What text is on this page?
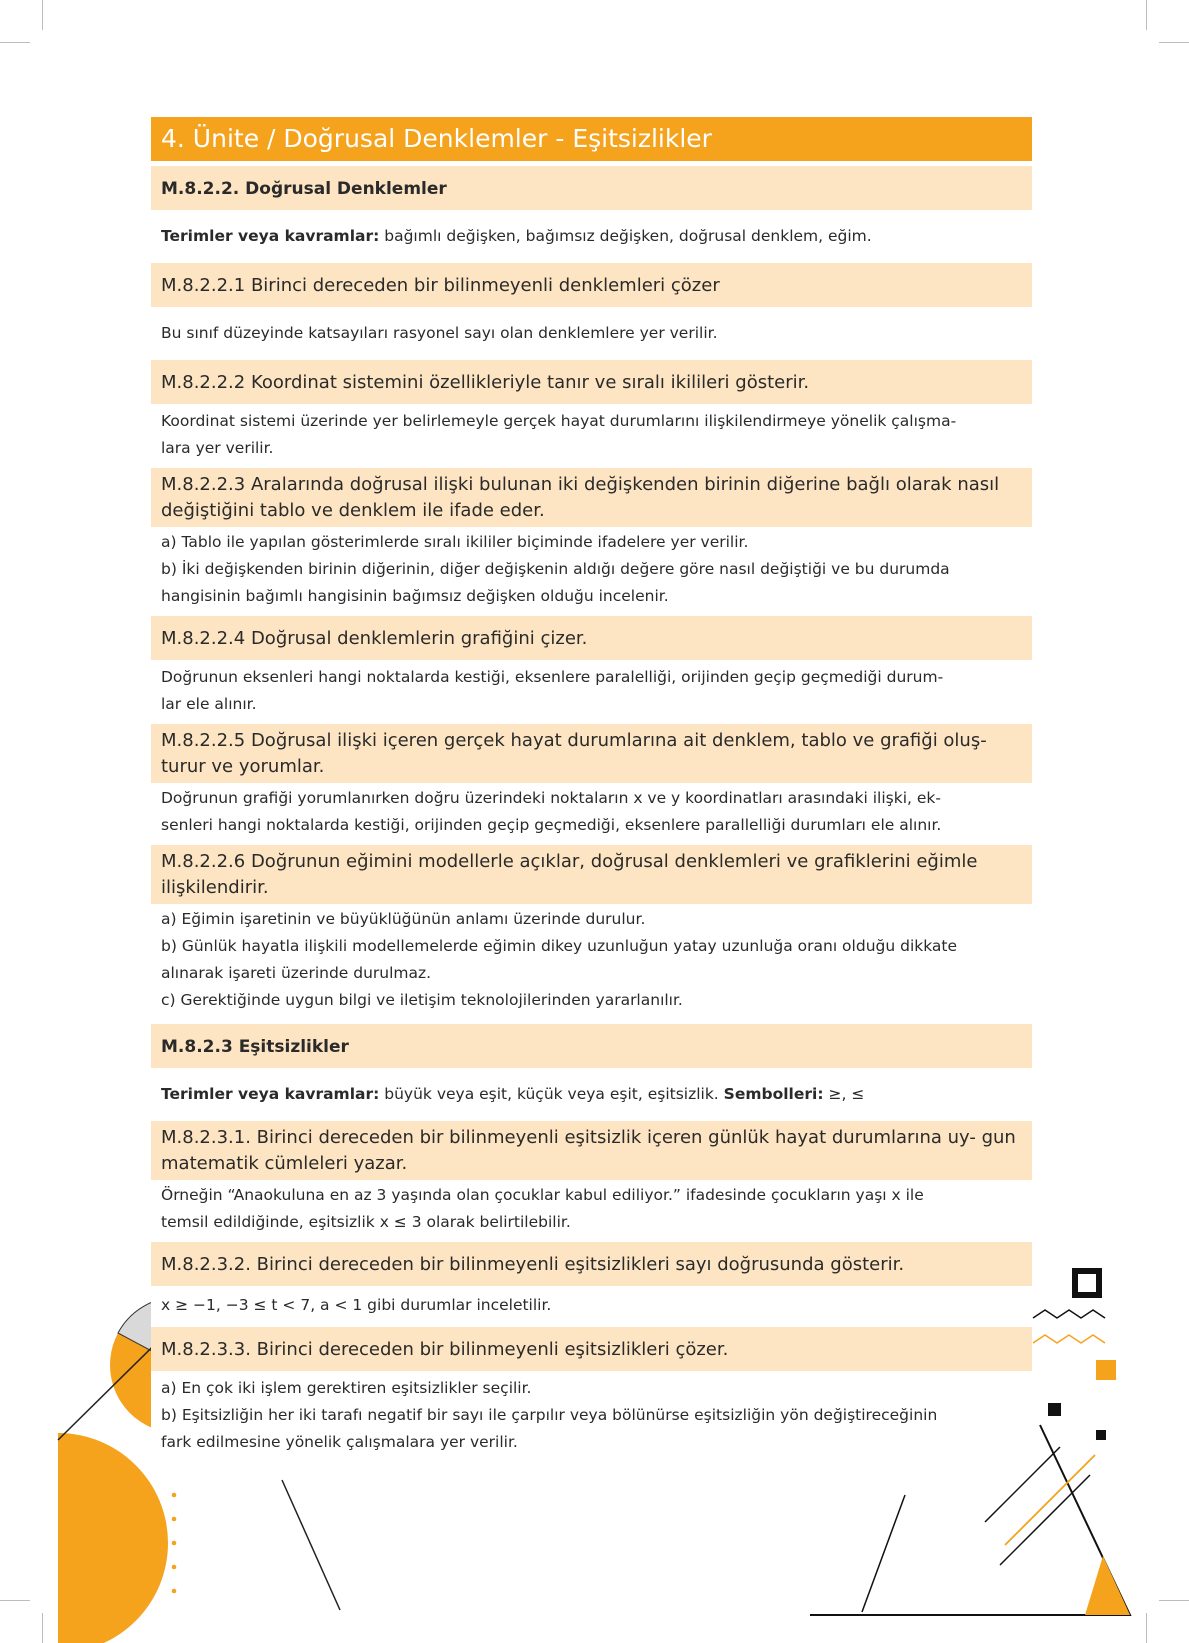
4. Ünite / Doğrusal Denklemler - Eşitsizlikler
M.8.2.2. Doğrusal Denklemler
Terimler veya kavramlar: bağımlı değişken, bağımsız değişken, doğrusal denklem, eğim.
M.8.2.2.1 Birinci dereceden bir bilinmeyenli denklemleri çözer
Bu sınıf düzeyinde katsayıları rasyonel sayı olan denklemlere yer verilir.
M.8.2.2.2 Koordinat sistemini özellikleriyle tanır ve sıralı ikilileri gösterir.
Koordinat sistemi üzerinde yer belirlemeyle gerçek hayat durumlarını ilişkilendirmeye yönelik çalışma-
lara yer verilir.
M.8.2.2.3 Aralarında doğrusal ilişki bulunan iki değişkenden birinin diğerine bağlı olarak nasıl değiştiğini tablo ve denklem ile ifade eder.
a) Tablo ile yapılan gösterimlerde sıralı ikililer biçiminde ifadelere yer verilir.
b) İki değişkenden birinin diğerinin, diğer değişkenin aldığı değere göre nasıl değiştiği ve bu durumda
hangisinin bağımlı hangisinin bağımsız değişken olduğu incelenir.
M.8.2.2.4 Doğrusal denklemlerin grafiğini çizer.
Doğrunun eksenleri hangi noktalarda kestiği, eksenlere paralelliği, orijinden geçip geçmediği durum-
lar ele alınır.
M.8.2.2.5 Doğrusal ilişki içeren gerçek hayat durumlarına ait denklem, tablo ve grafiği oluş- turur ve yorumlar.
Doğrunun grafiği yorumlanırken doğru üzerindeki noktaların x ve y koordinatları arasındaki ilişki, ek-
senleri hangi noktalarda kestiği, orijinden geçip geçmediği, eksenlere parallelliği durumları ele alınır.
M.8.2.2.6 Doğrunun eğimini modellerle açıklar, doğrusal denklemleri ve grafiklerini eğimle ilişkilendirir.
a) Eğimin işaretinin ve büyüklüğünün anlamı üzerinde durulur.
b) Günlük hayatla ilişkili modellemelerde eğimin dikey uzunluğun yatay uzunluğa oranı olduğu dikkate
alınarak işareti üzerinde durulmaz.
c) Gerektiğinde uygun bilgi ve iletişim teknolojilerinden yararlanılır.
M.8.2.3 Eşitsizlikler
Terimler veya kavramlar: büyük veya eşit, küçük veya eşit, eşitsizlik. Sembolleri: ≥, ≤
M.8.2.3.1. Birinci dereceden bir bilinmeyenli eşitsizlik içeren günlük hayat durumlarına uy- gun matematik cümleleri yazar.
Örneğin “Anaokuluna en az 3 yaşında olan çocuklar kabul ediliyor.” ifadesinde çocukların yaşı x ile
temsil edildiğinde, eşitsizlik x ≤ 3 olarak belirtilebilir.
M.8.2.3.2. Birinci dereceden bir bilinmeyenli eşitsizlikleri sayı doğrusunda gösterir.
x ≥ −1, −3 ≤ t < 7, a < 1 gibi durumlar inceletilir.
M.8.2.3.3. Birinci dereceden bir bilinmeyenli eşitsizlikleri çözer.
a) En çok iki işlem gerektiren eşitsizlikler seçilir.
b) Eşitsizliğin her iki tarafı negatif bir sayı ile çarpılır veya bölünürse eşitsizliğin yön değiştireceğinin
fark edilmesine yönelik çalışmalara yer verilir.
